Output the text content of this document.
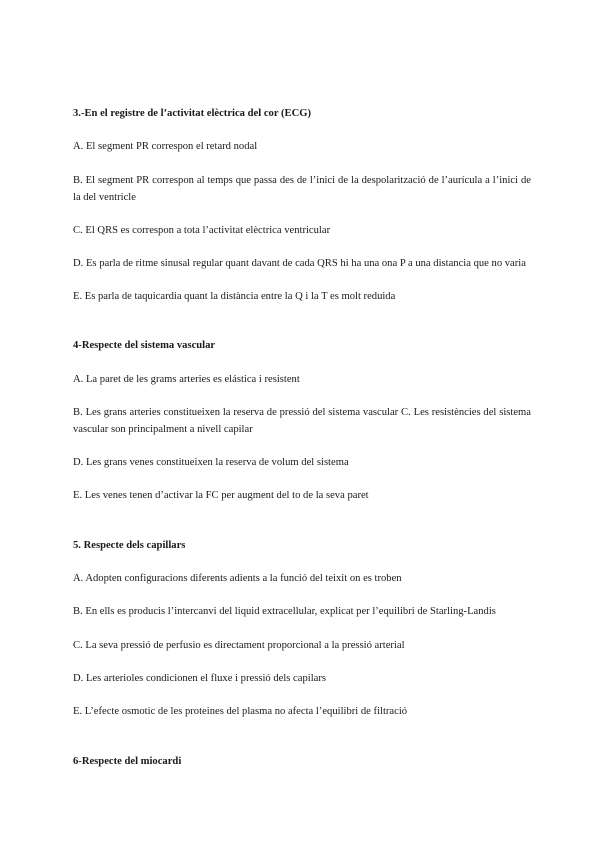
3.-En el registre de l’activitat elèctrica del cor (ECG)

A. El segment PR correspon el retard nodal

B. El segment PR correspon al temps que passa des de l’inici de la despolarització de l’aurícula a l’inici de la del ventricle

C. El QRS es correspon a tota l’activitat elèctrica ventricular

D. Es parla de ritme sinusal regular quant davant de cada QRS hi ha una ona P a una distancia que no varia

E. Es parla de taquicardia quant la distància entre la Q i la T es molt reduida

4-Respecte del sistema vascular

A. La paret de les grams arteries es elástica i resistent

B. Les grans arteries constitueixen la reserva de pressió del sistema vascular C. Les resistències del sistema vascular son principalment a nivell capilar

D. Les grans venes constitueixen la reserva de volum del sistema

E. Les venes tenen d’activar la FC per augment del to de la seva paret

5. Respecte dels capillars

A. Adopten configuracions diferents adients a la funció del teixit on es troben

B. En ells es producis l’intercanvi del liquid extracellular, explicat per l’equilibri de Starling-Landis

C. La seva pressió de perfusio es directament proporcional a la pressió arterial

D. Les arterioles condicionen el fluxe i pressió dels capilars

E. L’efecte osmotic de les proteines del plasma no afecta l’equilibri de filtració

6-Respecte del miocardi
